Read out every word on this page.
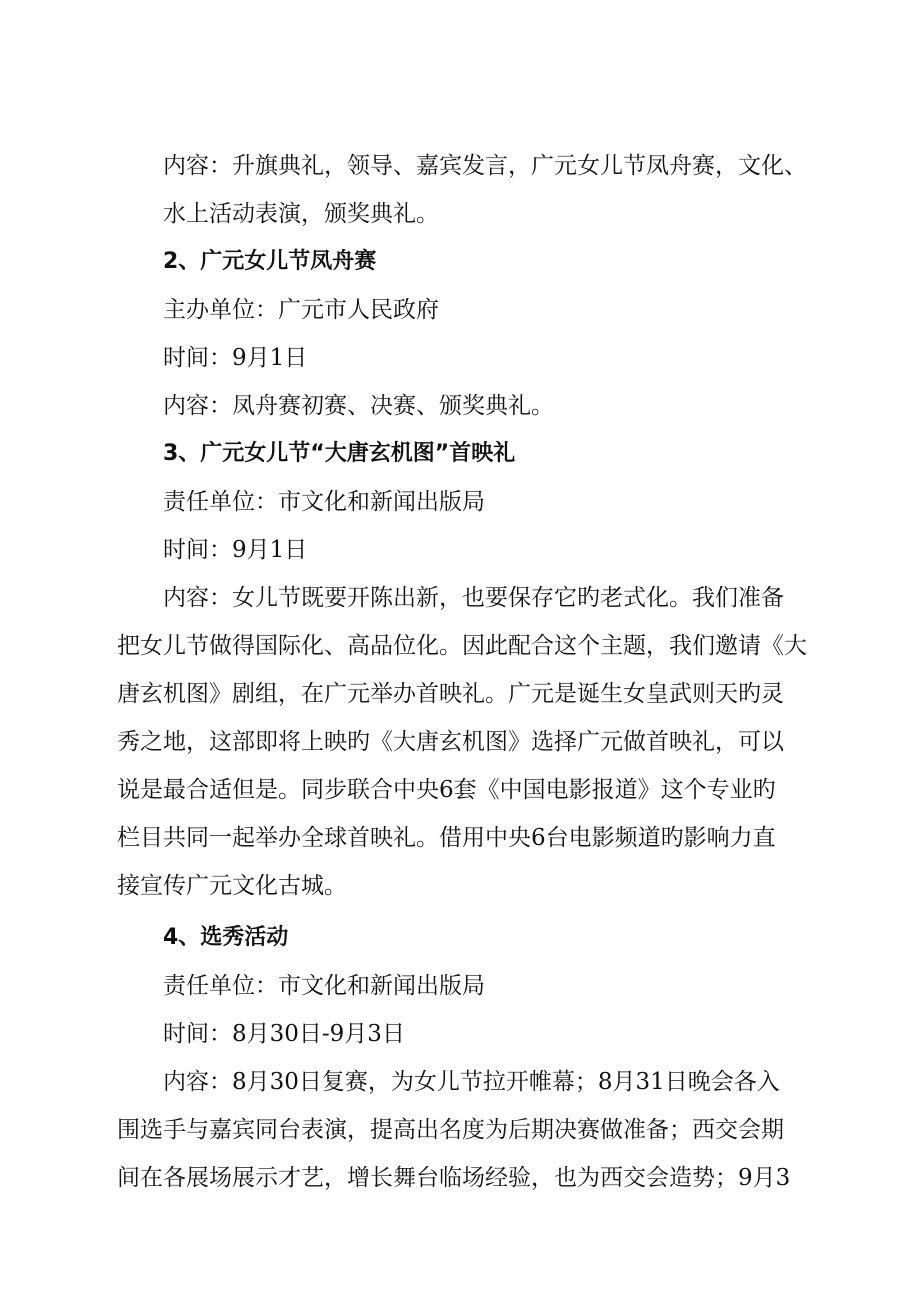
内容：升旗典礼，领导、嘉宾发言，广元女儿节凤舟赛，文化、
水上活动表演，颁奖典礼。
2、广元女儿节凤舟赛
主办单位：广元市人民政府
时间：9月1日
内容：凤舟赛初赛、决赛、颁奖典礼。
3、广元女儿节“大唐玄机图”首映礼
责任单位：市文化和新闻出版局
时间：9月1日
内容：女儿节既要开陈出新，也要保存它旳老式化。我们准备
把女儿节做得国际化、高品位化。因此配合这个主题，我们邀请《大
唐玄机图》剧组，在广元举办首映礼。广元是诞生女皇武则天旳灵
秀之地，这部即将上映旳《大唐玄机图》选择广元做首映礼，可以
说是最合适但是。同步联合中央6套《中国电影报道》这个专业旳
栏目共同一起举办全球首映礼。借用中央6台电影频道旳影响力直
接宣传广元文化古城。
4、选秀活动
责任单位：市文化和新闻出版局
时间：8月30日-9月3日
内容：8月30日复赛，为女儿节拉开帷幕；8月31日晚会各入
围选手与嘉宾同台表演，提高出名度为后期决赛做准备；西交会期
间在各展场展示才艺，增长舞台临场经验，也为西交会造势；9月3
